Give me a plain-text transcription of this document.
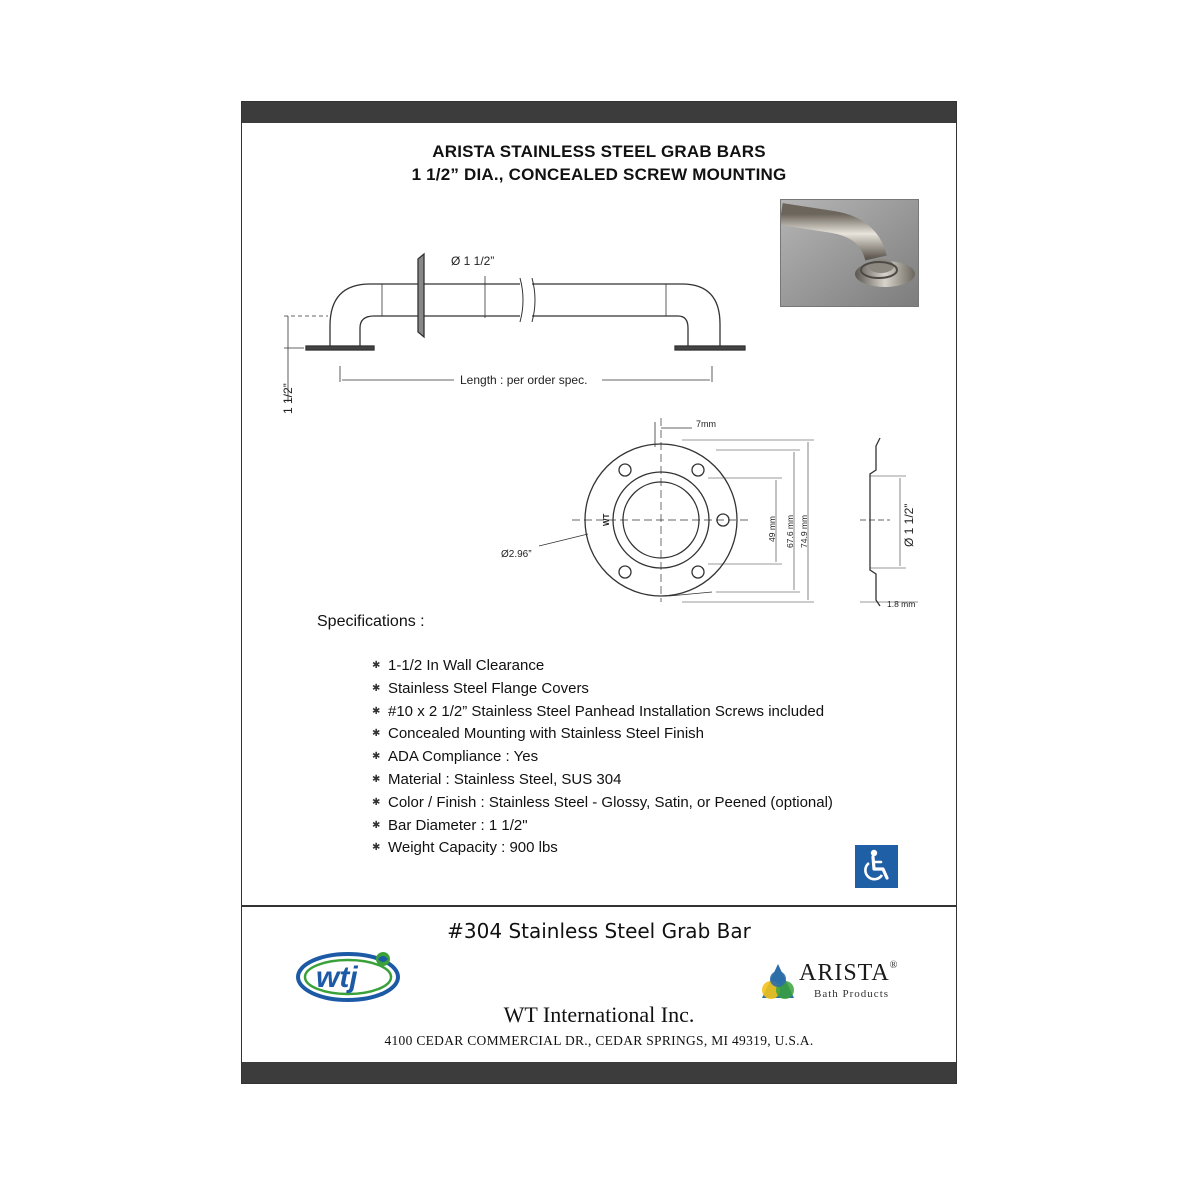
ARISTA STAINLESS STEEL GRAB BARS
1 1/2” DIA., CONCEALED SCREW MOUNTING
Ø 1 1/2”
Length : per order spec.
1 1/2”
7mm
49 mm 67.6 mm 74.9 mm
Ø2.96”
WT	Ø 1 1/2”
1.8 mm
Specifications :
✱ 1-1/2 In Wall Clearance
✱ Stainless Steel Flange Covers
✱ #10 x 2 1/2” Stainless Steel Panhead Installation Screws included
✱ Concealed Mounting with Stainless Steel Finish
✱ ADA Compliance : Yes
✱ Material : Stainless Steel, SUS 304
✱ Color / Finish : Stainless Steel - Glossy, Satin, or Peened (optional)
✱ Bar Diameter : 1 1/2"
✱ Weight Capacity : 900 lbs
#304 Stainless Steel Grab Bar
wtj	ARISTA®
Bath Products
WT International Inc.
4100 CEDAR COMMERCIAL DR., CEDAR SPRINGS, MI 49319, U.S.A.
